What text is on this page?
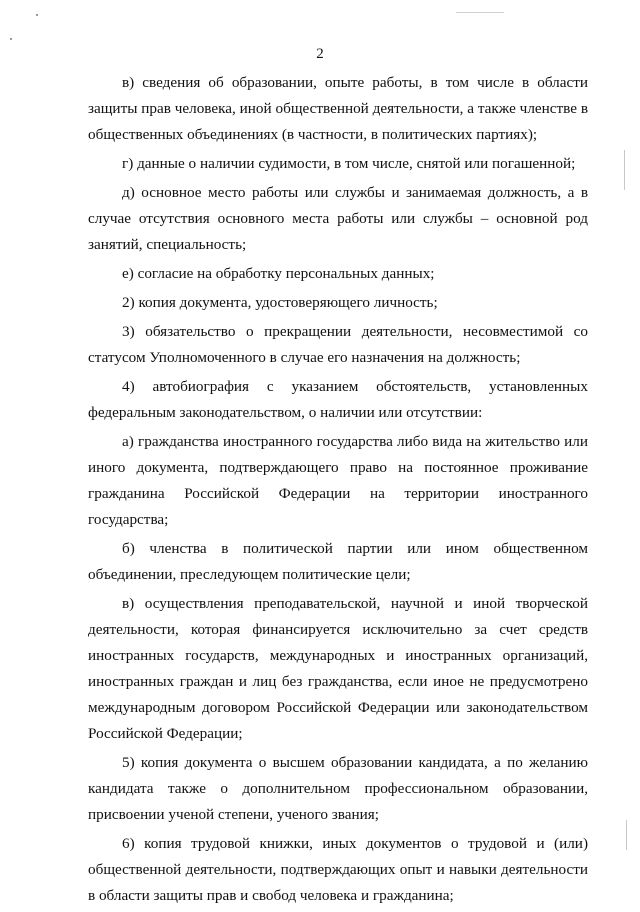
2

в) сведения об образовании, опыте работы, в том числе в области защиты прав человека, иной общественной деятельности, а также членстве в общественных объединениях (в частности, в политических партиях);

г) данные о наличии судимости, в том числе, снятой или погашенной;

д) основное место работы или службы и занимаемая должность, а в случае отсутствия основного места работы или службы – основной род занятий, специальность;

е) согласие на обработку персональных данных;

2) копия документа, удостоверяющего личность;

3) обязательство о прекращении деятельности, несовместимой со статусом Уполномоченного в случае его назначения на должность;

4) автобиография с указанием обстоятельств, установленных федеральным законодательством, о наличии или отсутствии:

а) гражданства иностранного государства либо вида на жительство или иного документа, подтверждающего право на постоянное проживание гражданина Российской Федерации на территории иностранного государства;

б) членства в политической партии или ином общественном объединении, преследующем политические цели;

в) осуществления преподавательской, научной и иной творческой деятельности, которая финансируется исключительно за счет средств иностранных государств, международных и иностранных организаций, иностранных граждан и лиц без гражданства, если иное не предусмотрено международным договором Российской Федерации или законодательством Российской Федерации;

5) копия документа о высшем образовании кандидата, а по желанию кандидата также о дополнительном профессиональном образовании, присвоении ученой степени, ученого звания;

6) копия трудовой книжки, иных документов о трудовой и (или) общественной деятельности, подтверждающих опыт и навыки деятельности в области защиты прав и свобод человека и гражданина;
